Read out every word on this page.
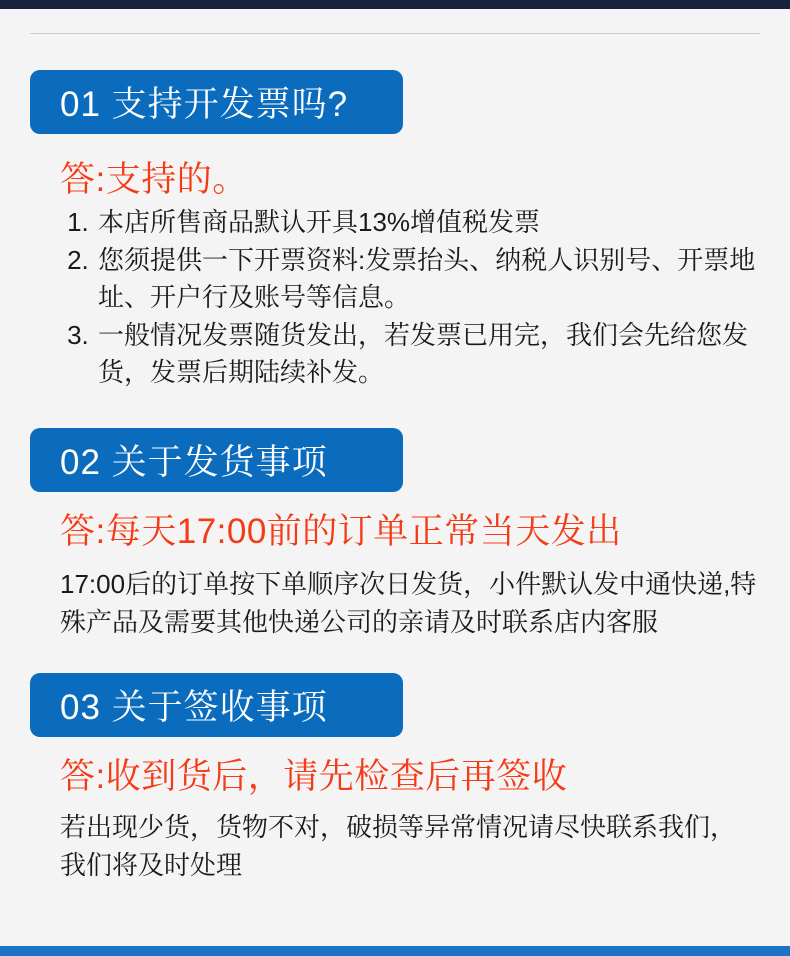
01 支持开发票吗?
答:支持的。
1. 本店所售商品默认开具13%增值税发票
2. 您须提供一下开票资料:发票抬头、纳税人识别号、开票地址、开户行及账号等信息。
3. 一般情况发票随货发出，若发票已用完，我们会先给您发货，发票后期陆续补发。
02 关于发货事项
答:每天17:00前的订单正常当天发出

17:00后的订单按下单顺序次日发货，小件默认发中通快递,特殊产品及需要其他快递公司的亲请及时联系店内客服

03 关于签收事项
答:收到货后，请先检查后再签收

若出现少货，货物不对，破损等异常情况请尽快联系我们，我们将及时处理
